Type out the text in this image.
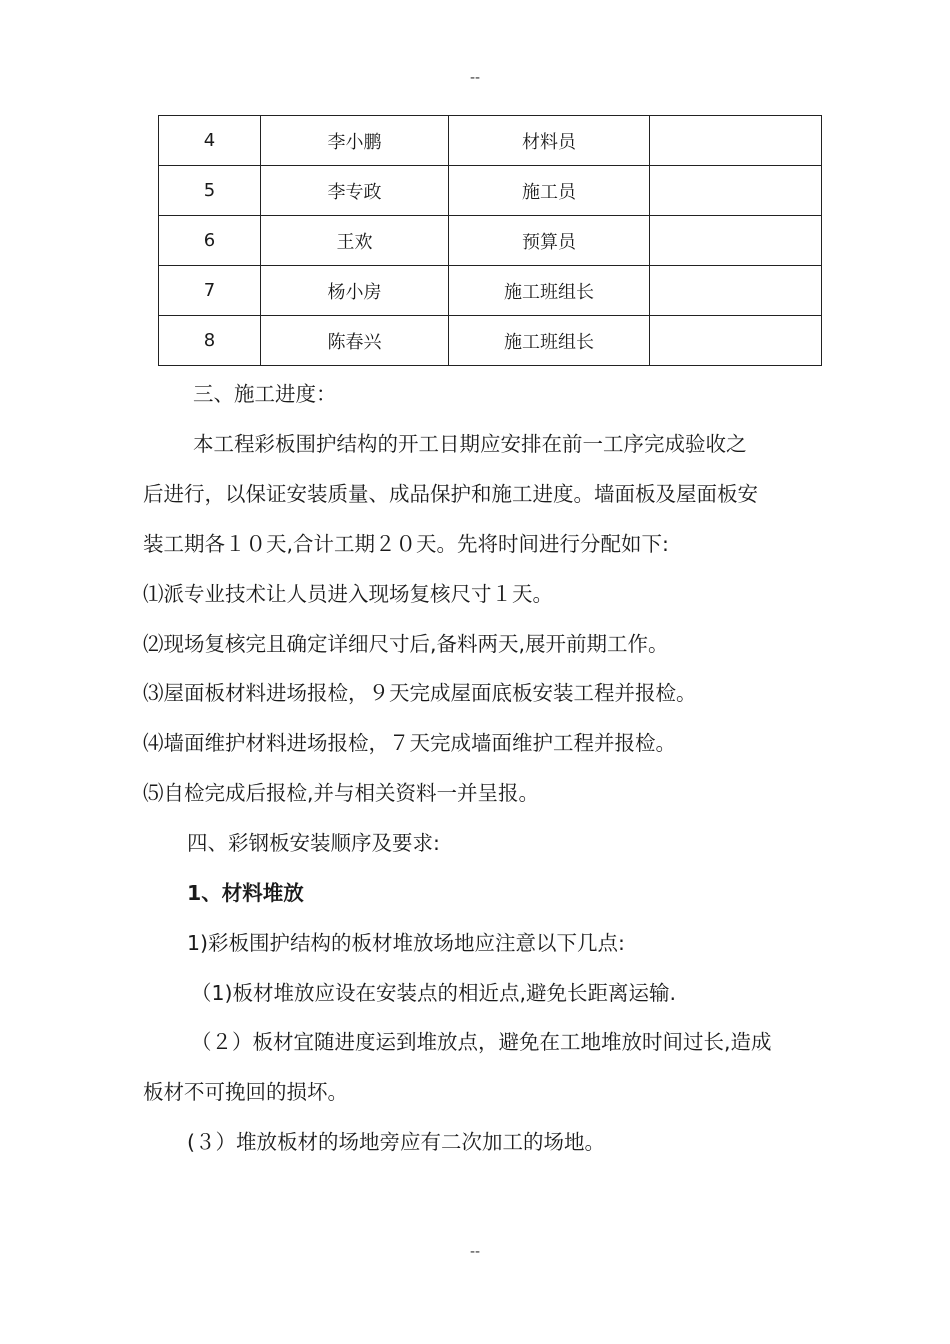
--
4	李小鹏	材料员	
5	李专政	施工员	
6	王欢	预算员	
7	杨小房	施工班组长	
8	陈春兴	施工班组长	
三、施工进度：
本工程彩板围护结构的开工日期应安排在前一工序完成验收之
后进行，以保证安装质量、成品保护和施工进度。墙面板及屋面板安
装工期各１０天,合计工期２０天。先将时间进行分配如下:
⑴派专业技术让人员进入现场复核尺寸１天。
⑵现场复核完且确定详细尺寸后,备料两天,展开前期工作。
⑶屋面板材料进场报检，９天完成屋面底板安装工程并报检。
⑷墙面维护材料进场报检，７天完成墙面维护工程并报检。
⑸自检完成后报检,并与相关资料一并呈报。
四、彩钢板安装顺序及要求:
1、材料堆放
1)彩板围护结构的板材堆放场地应注意以下几点:
（1)板材堆放应设在安装点的相近点,避免长距离运输.
（２）板材宜随进度运到堆放点，避免在工地堆放时间过长,造成
板材不可挽回的损坏。
(３）堆放板材的场地旁应有二次加工的场地。
--
